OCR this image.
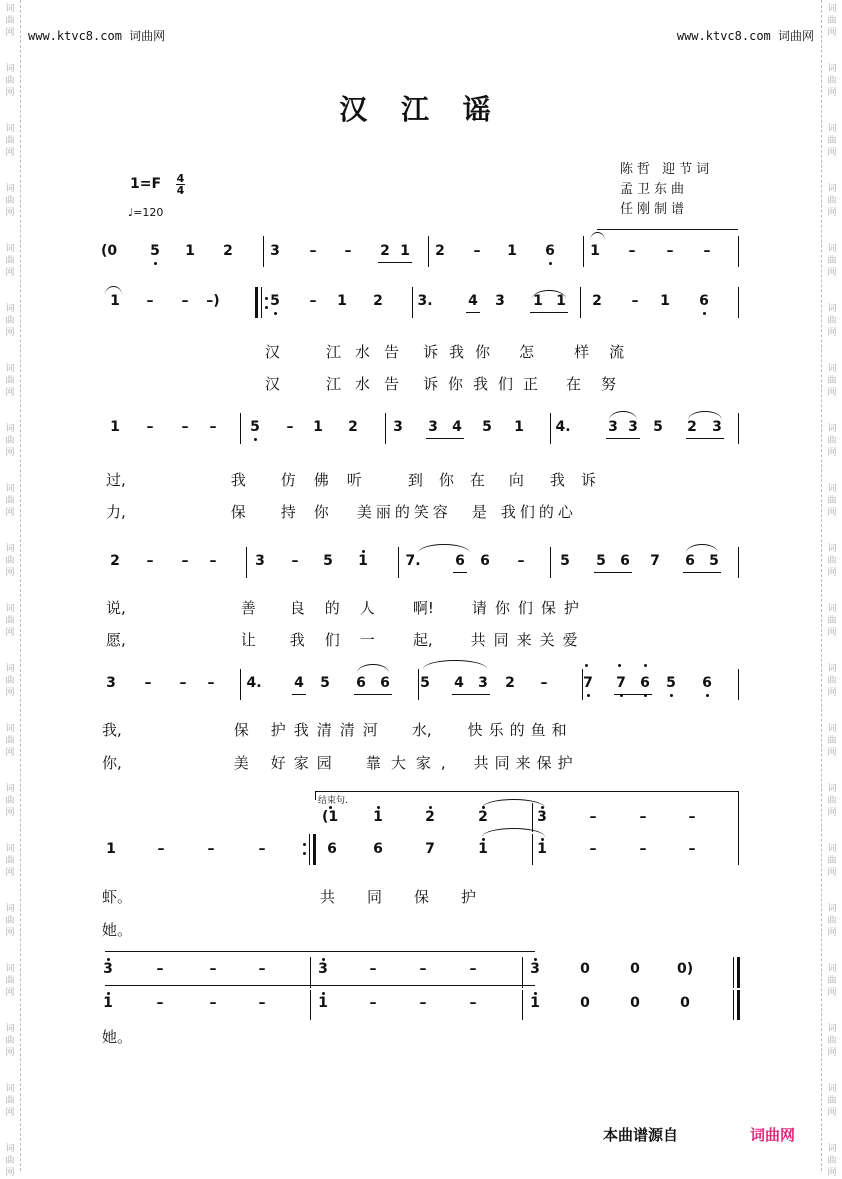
词
曲
网
词
曲
网
词
曲
网
词
曲
网
词
曲
网
词
曲
网
词
曲
网
词
曲
网
词
曲
网
词
曲
网
词
曲
网
词
曲
网
词
曲
网
词
曲
网
词
曲
网
词
曲
网
词
曲
网
词
曲
网
词
曲
网
词
曲
网
词
曲
网
词
曲
网
词
曲
网
词
曲
网
词
曲
网
词
曲
网
词
曲
网
词
曲
网
词
曲
网
词
曲
网
词
曲
网
词
曲
网
词
曲
网
词
曲
网
词
曲
网
词
曲
网
词
曲
网
词
曲
网
词
曲
网
词
曲
网
www.ktvc8.com 词曲网	www.ktvc8.com 词曲网
汉 江 谣
1=F 4
4
♩=120
陈哲 迎节词
孟卫东曲
任刚制谱
(0 5 1 2	3	–	–	2 1 2	–	1 6	1	–	–	–
1	–	–	–)	5	–	1 2 3.	4 3 1 1 2	–	1 6
1	–	–	–	5	–	1 2	3 3 4 5 1 4.	3 3 5 2 3
2	–	–	–	3	–	5 1	7. 6 6	–	5 5 6 7 6 5
3	–	–	–	4. 4 5 6 6 5 4 3 2	–	7 7 6 5 6
(1 1	2	2	3	–	–	–
1	–	–	–	6	6	7	1	1	–	–	–
3	–	–	–	3	–	–	–	3	0	0	0)
1	–	–	–	1	–	–	–	1	0	0	0
汉	江水告 诉我你 怎	样流
汉	江水告 诉你我们正 在努
过,	我 仿佛听 到你在 向 我诉
力,	保 持你 美丽的笑容 是 我们的心
说,	善 良的人 啊!	请你们保护
愿,	让 我们一 起,	共同来关爱
我,	保 护我清清河 水, 快乐的鱼和
你,	美 好家园 靠大家, 共同来保护
虾。	共同保护
她。
她。
结束句.
本曲谱源自	词曲网
